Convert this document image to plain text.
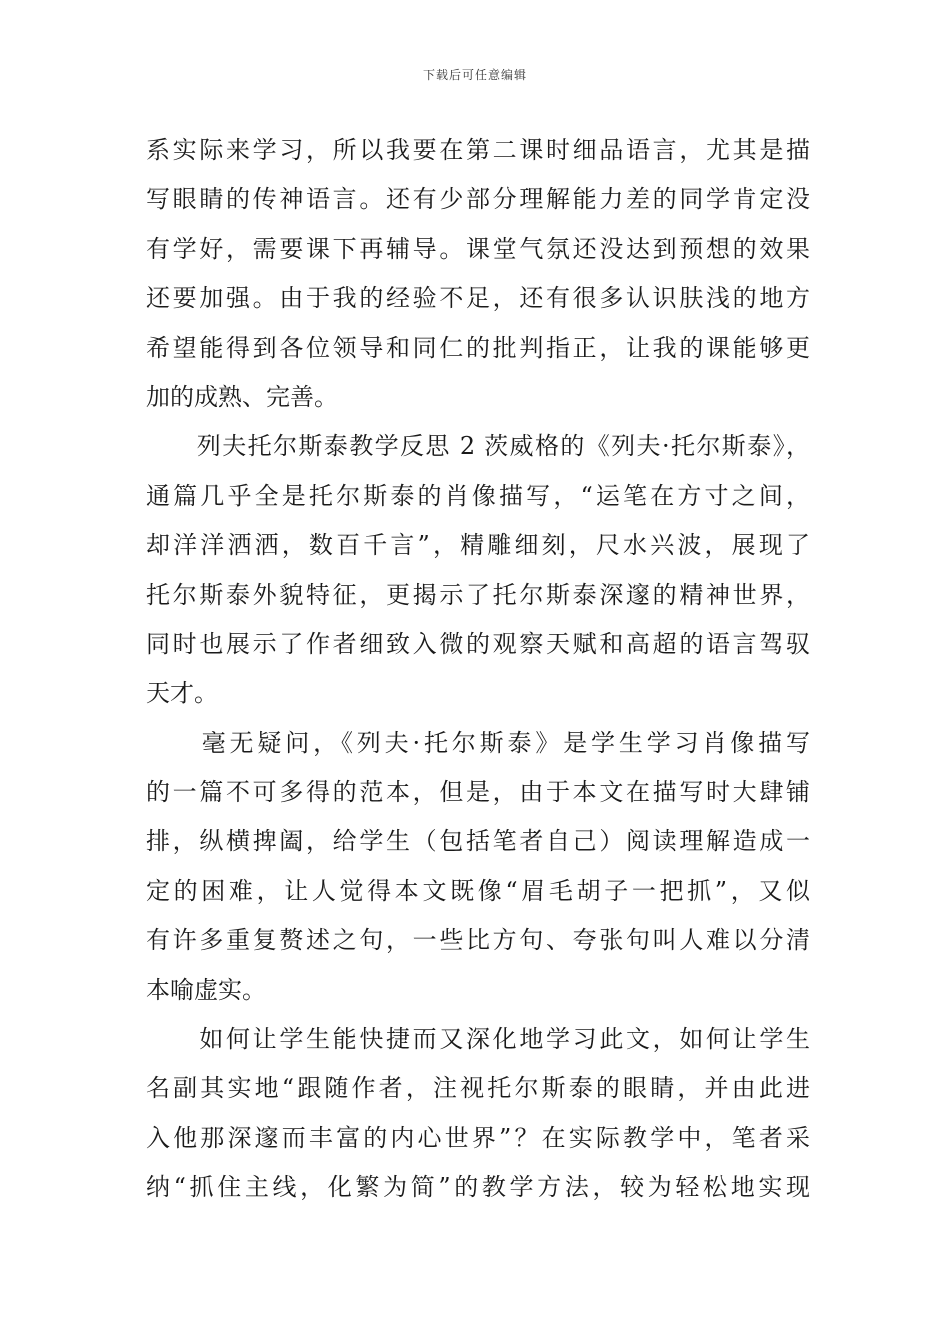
下载后可任意编辑
系实际来学习，所以我要在第二课时细品语言，尤其是描
写眼睛的传神语言。还有少部分理解能力差的同学肯定没
有学好，需要课下再辅导。课堂气氛还没达到预想的效果
还要加强。由于我的经验不足，还有很多认识肤浅的地方
希望能得到各位领导和同仁的批判指正，让我的课能够更
加的成熟、完善。
　　列夫托尔斯泰教学反思 2 茨威格的《列夫·托尔斯泰》，
通篇几乎全是托尔斯泰的肖像描写，“运笔在方寸之间，
却洋洋洒洒，数百千言”，精雕细刻，尺水兴波，展现了
托尔斯泰外貌特征，更揭示了托尔斯泰深邃的精神世界，
同时也展示了作者细致入微的观察天赋和高超的语言驾驭
天才。
　　毫无疑问，《列夫·托尔斯泰》是学生学习肖像描写
的一篇不可多得的范本，但是，由于本文在描写时大肆铺
排，纵横捭阖，给学生（包括笔者自己）阅读理解造成一
定的困难，让人觉得本文既像“眉毛胡子一把抓”，又似
有许多重复赘述之句，一些比方句、夸张句叫人难以分清
本喻虚实。
　　如何让学生能快捷而又深化地学习此文，如何让学生
名副其实地“跟随作者，注视托尔斯泰的眼睛，并由此进
入他那深邃而丰富的内心世界”？在实际教学中，笔者采
纳“抓住主线，化繁为简”的教学方法，较为轻松地实现
